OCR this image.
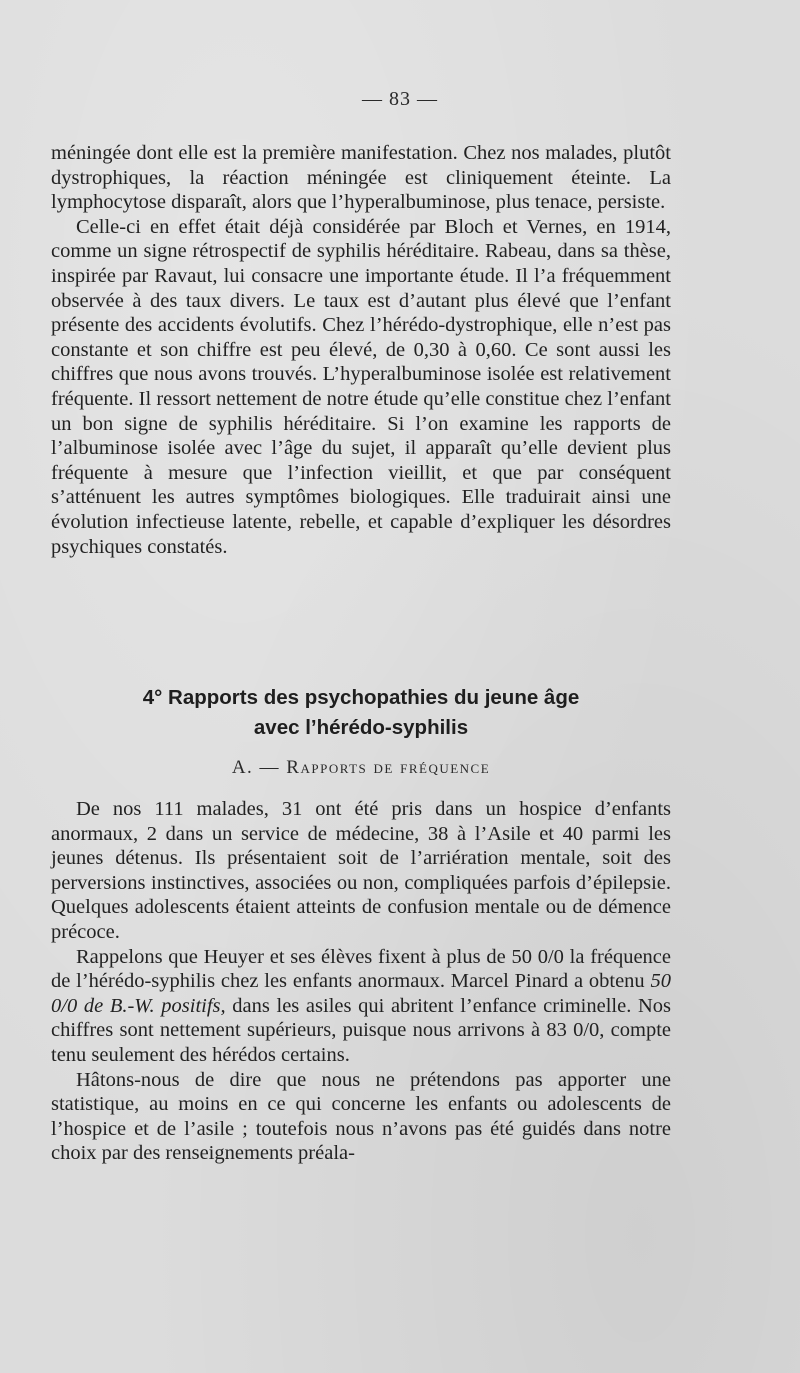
— 83 —

méningée dont elle est la première manifestation. Chez nos malades, plutôt dystrophiques, la réaction méningée est cliniquement éteinte. La lymphocytose disparaît, alors que l’hyperalbuminose, plus tenace, persiste.

Celle-ci en effet était déjà considérée par Bloch et Vernes, en 1914, comme un signe rétrospectif de syphilis héréditaire. Rabeau, dans sa thèse, inspirée par Ravaut, lui consacre une importante étude. Il l’a fréquemment observée à des taux divers. Le taux est d’autant plus élevé que l’enfant présente des accidents évolutifs. Chez l’hérédo-dystrophique, elle n’est pas constante et son chiffre est peu élevé, de 0,30 à 0,60. Ce sont aussi les chiffres que nous avons trouvés. L’hyperalbuminose isolée est relativement fréquente. Il ressort nettement de notre étude qu’elle constitue chez l’enfant un bon signe de syphilis héréditaire. Si l’on examine les rapports de l’albuminose isolée avec l’âge du sujet, il apparaît qu’elle devient plus fréquente à mesure que l’infection vieillit, et que par conséquent s’atténuent les autres symptômes biologiques. Elle traduirait ainsi une évolution infectieuse latente, rebelle, et capable d’expliquer les désordres psychiques constatés.

4° Rapports des psychopathies du jeune âge
avec l’hérédo-syphilis
A. — Rapports de fréquence

De nos 111 malades, 31 ont été pris dans un hospice d’enfants anormaux, 2 dans un service de médecine, 38 à l’Asile et 40 parmi les jeunes détenus. Ils présentaient soit de l’arriération mentale, soit des perversions instinctives, associées ou non, compliquées parfois d’épilepsie. Quelques adolescents étaient atteints de confusion mentale ou de démence précoce.

Rappelons que Heuyer et ses élèves fixent à plus de 50 0/0 la fréquence de l’hérédo-syphilis chez les enfants anormaux. Marcel Pinard a obtenu 50 0/0 de B.-W. positifs, dans les asiles qui abritent l’enfance criminelle. Nos chiffres sont nettement supérieurs, puisque nous arrivons à 83 0/0, compte tenu seulement des hérédos certains.

Hâtons-nous de dire que nous ne prétendons pas apporter une statistique, au moins en ce qui concerne les enfants ou adolescents de l’hospice et de l’asile ; toutefois nous n’avons pas été guidés dans notre choix par des renseignements préala-
